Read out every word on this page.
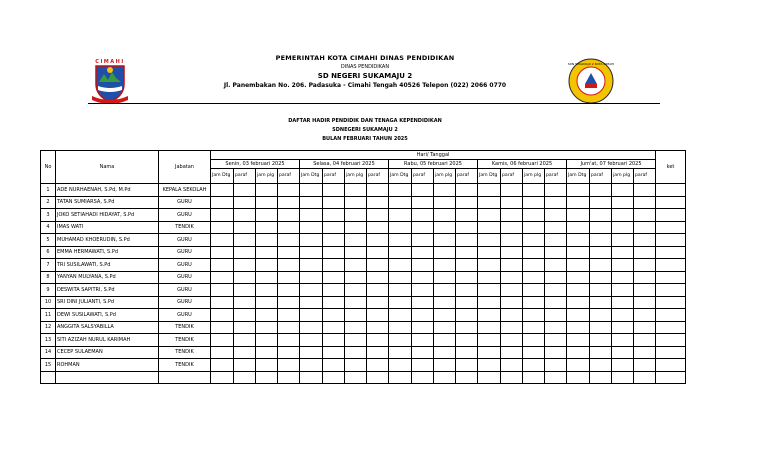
CIMAHI	PEMERINTAH KOTA CIMAHI DINAS PENDIDIKAN
DINAS PENDIDIKAN
SD NEGERI SUKAMAJU 2
Jl. Panembakan No. 206. Padasuka - Cimahi Tengah 40526 Telepon (022) 2066 0770
SDN SUKAMAJU 2 KOTA CIMAHI
DAFTAR HADIR PENDIDIK DAN TENAGA KEPENDIDIKAN
SDNEGERI SUKAMAJU 2
BULAN FEBRUARI TAHUN 2025
No	Nama	Jabatan	Hari/ Tanggal																				ket
			Senin, 03 februari 2025				Selasa, 04 februari 2025				Rabu, 05 februari 2025				Kamis, 06 februari 2025				Jum'at, 07 februari 2025				
			Jam Dtg	paraf	jam plg	paraf	Jam Dtg	paraf	jam plg	paraf	Jam Dtg	paraf	jam plg	paraf	Jam Dtg	paraf	jam plg	paraf	Jam Dtg	paraf	jam plg	paraf	
1	ADE NURHAENAH, S.Pd, M.Pd	KEPALA SEKOLAH																					
2	TATAN SUMIARSA, S.Pd	GURU																					
3	JOKO SETIAHADI HIDAYAT, S.Pd	GURU																					
4	IMAS WATI	TENDIK																					
5	MUHAMAD KHOERUDIN, S.Pd	GURU																					
6	EMMA HERMAWATI, S.Pd	GURU																					
7	TRI SUSILAWATI, S.Pd	GURU																					
8	YANYAN MULYANA, S.Pd	GURU																					
9	DESWITA SAPITRI, S.Pd	GURU																					
10	SRI DINI JULIANTI, S.Pd	GURU																					
11	DEWI SUSILAWATI, S.Pd	GURU																					
12	ANGGITA SALSYABILLA	TENDIK																					
13	SITI AZIZAH NURUL KARIMAH	TENDIK																					
14	CECEP SULAEMAN	TENDIK																					
15	ROHMAN	TENDIK																					
